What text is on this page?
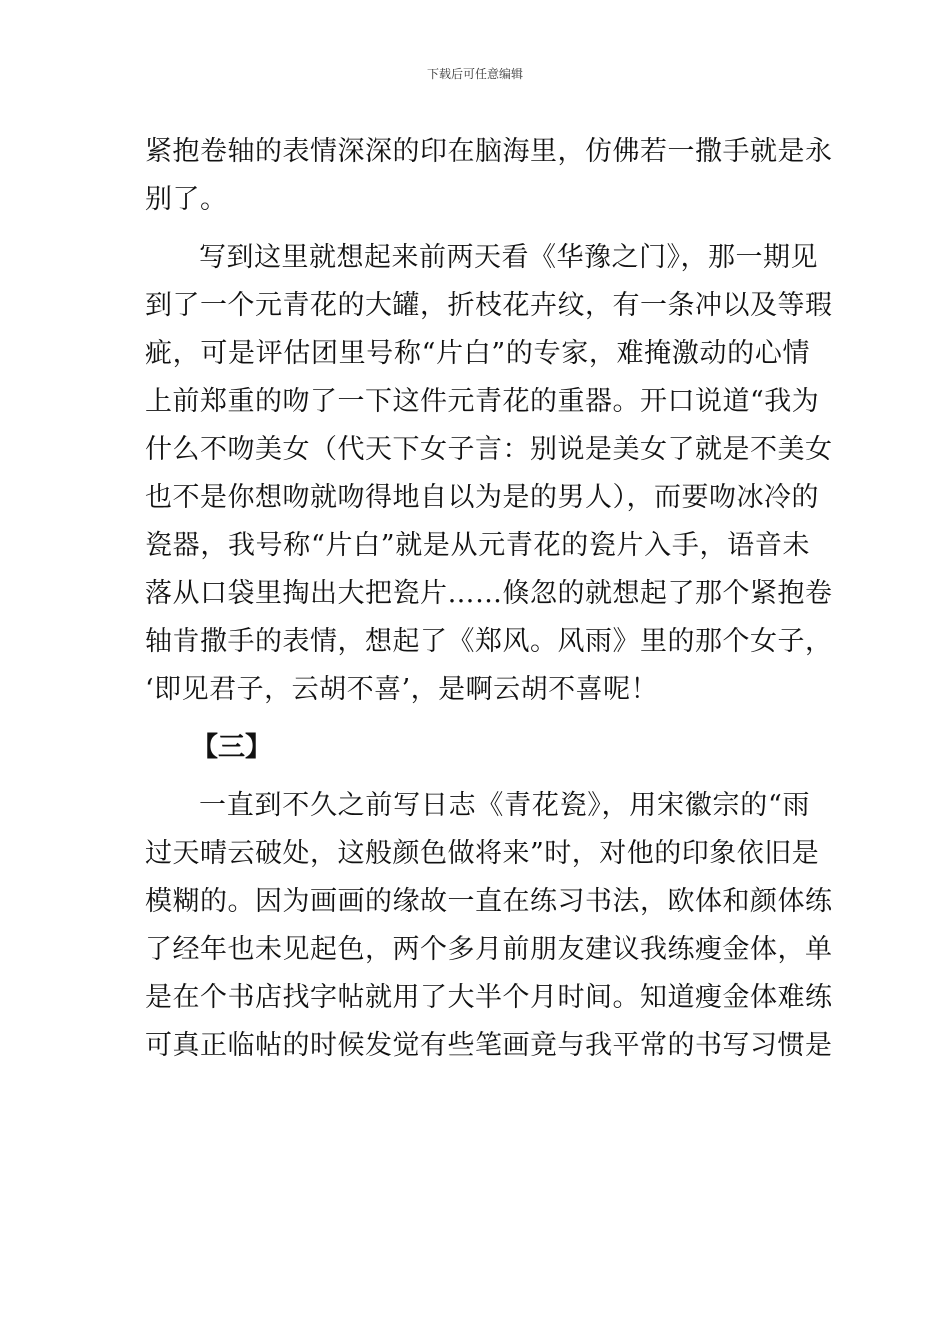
下载后可任意编辑
紧抱卷轴的表情深深的印在脑海里，仿佛若一撒手就是永
别了。
写到这里就想起来前两天看《华豫之门》，那一期见
到了一个元青花的大罐，折枝花卉纹，有一条冲以及等瑕
疵，可是评估团里号称“片白”的专家，难掩激动的心情
上前郑重的吻了一下这件元青花的重器。开口说道“我为
什么不吻美女（代天下女子言：别说是美女了就是不美女
也不是你想吻就吻得地自以为是的男人），而要吻冰冷的
瓷器，我号称“片白”就是从元青花的瓷片入手，语音未
落从口袋里掏出大把瓷片……倏忽的就想起了那个紧抱卷
轴肯撒手的表情，想起了《郑风。风雨》里的那个女子，
‘即见君子，云胡不喜’，是啊云胡不喜呢！
【三】
一直到不久之前写日志《青花瓷》，用宋徽宗的“雨
过天晴云破处，这般颜色做将来”时，对他的印象依旧是
模糊的。因为画画的缘故一直在练习书法，欧体和颜体练
了经年也未见起色，两个多月前朋友建议我练瘦金体，单
是在个书店找字帖就用了大半个月时间。知道瘦金体难练
可真正临帖的时候发觉有些笔画竟与我平常的书写习惯是
